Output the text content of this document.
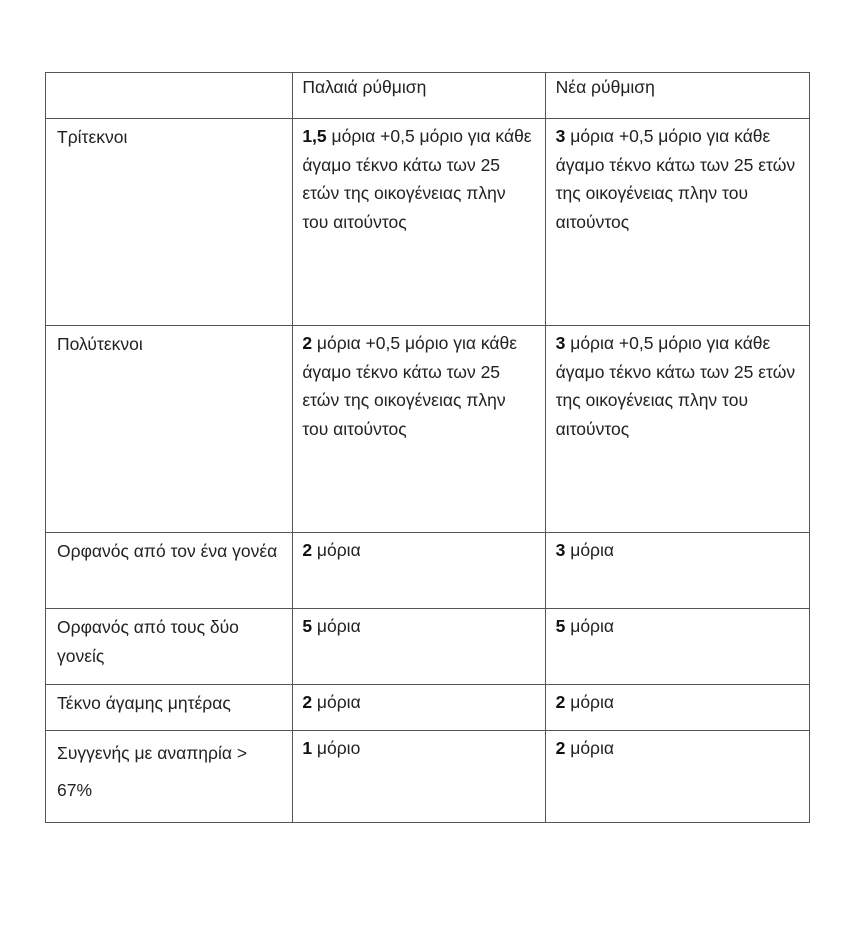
	Παλαιά ρύθμιση	Νέα ρύθμιση

Τρίτεκνοι	1,5 μόρια +0,5 μόριο για κάθε άγαμο τέκνο κάτω των 25 ετών της οικογένειας πλην του αιτούντος	3 μόρια +0,5 μόριο για κάθε άγαμο τέκνο κάτω των 25 ετών της οικογένειας πλην του αιτούντος

Πολύτεκνοι	2 μόρια +0,5 μόριο για κάθε άγαμο τέκνο κάτω των 25 ετών της οικογένειας πλην του αιτούντος	3 μόρια +0,5 μόριο για κάθε άγαμο τέκνο κάτω των 25 ετών της οικογένειας πλην του αιτούντος

Ορφανός από τον ένα γονέα	2 μόρια	3 μόρια

Ορφανός από τους δύο γονείς	5 μόρια	5 μόρια

Τέκνο άγαμης μητέρας	2 μόρια	2 μόρια

Συγγενής με αναπηρία > 67%	1 μόριο	2 μόρια
